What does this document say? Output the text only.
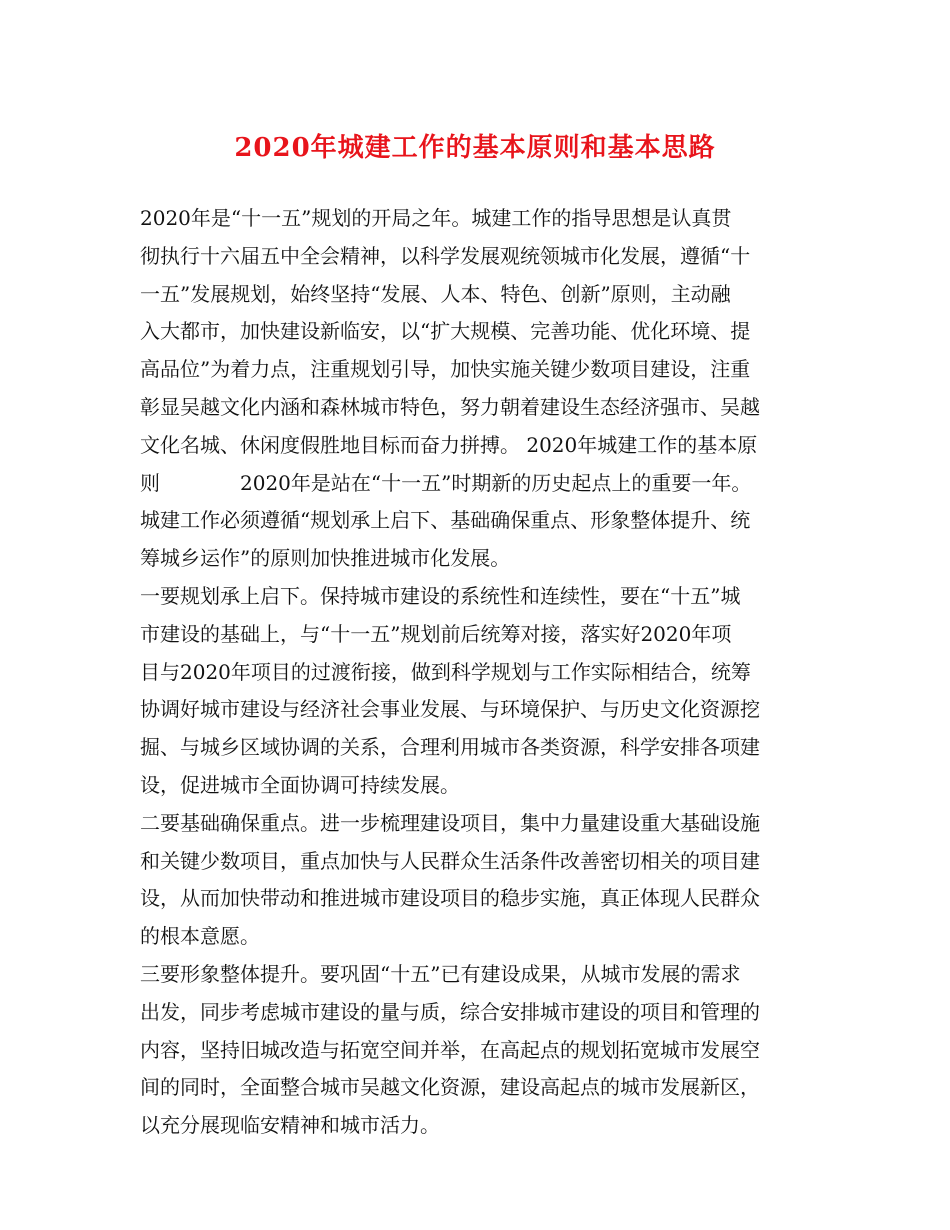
2020年城建工作的基本原则和基本思路
2020年是“十一五”规划的开局之年。城建工作的指导思想是认真贯
彻执行十六届五中全会精神，以科学发展观统领城市化发展，遵循“十
一五”发展规划，始终坚持“发展、人本、特色、创新”原则，主动融
入大都市，加快建设新临安，以“扩大规模、完善功能、优化环境、提
高品位”为着力点，注重规划引导，加快实施关键少数项目建设，注重
彰显吴越文化内涵和森林城市特色，努力朝着建设生态经济强市、吴越
文化名城、休闲度假胜地目标而奋力拼搏。 2020年城建工作的基本原
则　　　　2020年是站在“十一五”时期新的历史起点上的重要一年。
城建工作必须遵循“规划承上启下、基础确保重点、形象整体提升、统
筹城乡运作”的原则加快推进城市化发展。
一要规划承上启下。保持城市建设的系统性和连续性，要在“十五”城
市建设的基础上，与“十一五”规划前后统筹对接，落实好2020年项
目与2020年项目的过渡衔接，做到科学规划与工作实际相结合，统筹
协调好城市建设与经济社会事业发展、与环境保护、与历史文化资源挖
掘、与城乡区域协调的关系，合理利用城市各类资源，科学安排各项建
设，促进城市全面协调可持续发展。
二要基础确保重点。进一步梳理建设项目，集中力量建设重大基础设施
和关键少数项目，重点加快与人民群众生活条件改善密切相关的项目建
设，从而加快带动和推进城市建设项目的稳步实施，真正体现人民群众
的根本意愿。
三要形象整体提升。要巩固“十五”已有建设成果，从城市发展的需求
出发，同步考虑城市建设的量与质，综合安排城市建设的项目和管理的
内容，坚持旧城改造与拓宽空间并举，在高起点的规划拓宽城市发展空
间的同时，全面整合城市吴越文化资源，建设高起点的城市发展新区，
以充分展现临安精神和城市活力。
